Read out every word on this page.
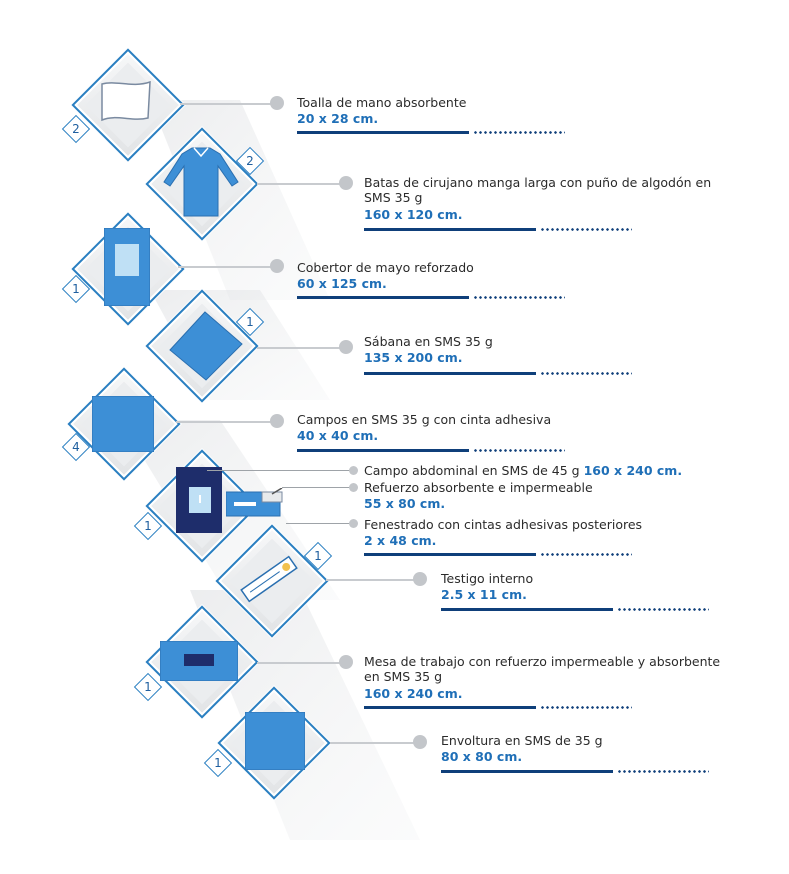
2
Toalla de mano absorbente
20 x 28 cm.
2
Batas de cirujano manga larga con puño de algodón en SMS 35 g
160 x 120 cm.
1
Cobertor de mayo reforzado
60 x 125 cm.
1
Sábana en SMS 35 g
135 x 200 cm.
4
Campos en SMS 35 g con cinta adhesiva
40 x 40 cm.
1
Campo abdominal en SMS de 45 g 160 x 240 cm.
Refuerzo absorbente e impermeable
55 x 80 cm.
Fenestrado con cintas adhesivas posteriores
2 x 48 cm.
1
Testigo interno
2.5 x 11 cm.
1
Mesa de trabajo con refuerzo impermeable y absorbente en SMS 35 g
160 x 240 cm.
1
Envoltura en SMS de 35 g
80 x 80 cm.
